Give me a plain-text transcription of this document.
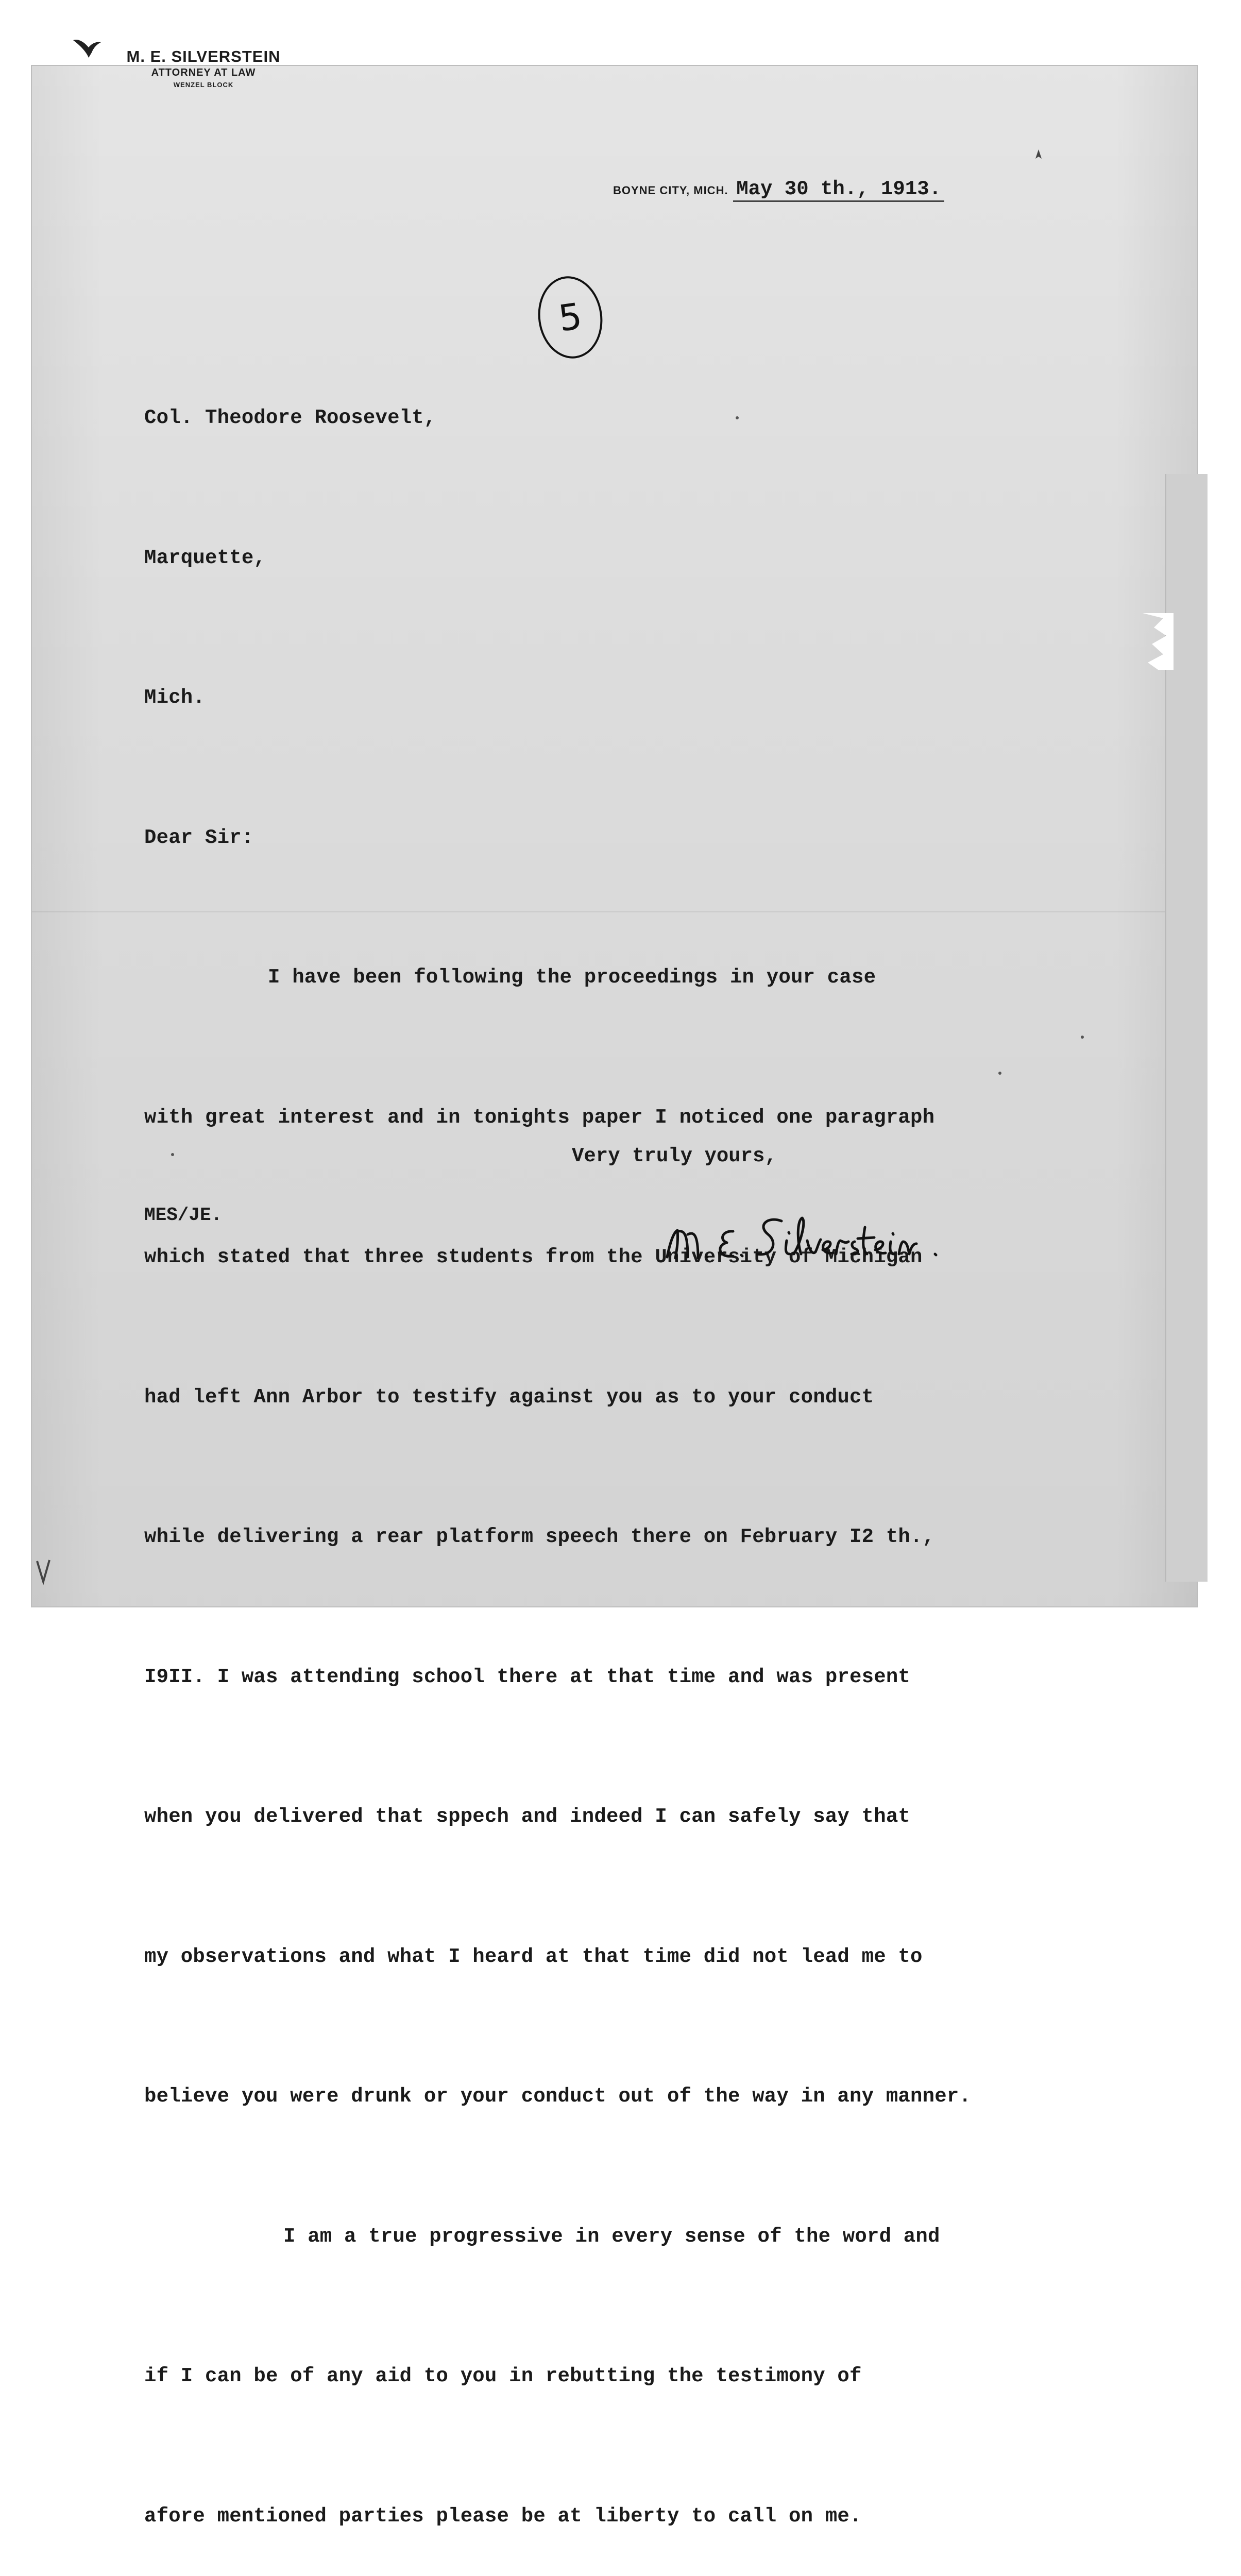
M. E. SILVERSTEIN
ATTORNEY AT LAW
WENZEL BLOCK
BOYNE CITY, MICH. May 30 th., 1913.
5

Col. Theodore Roosevelt,

Marquette,

Mich.

Dear Sir:

I have been following the proceedings in your case

with great interest and in tonights paper I noticed one paragraph

which stated that three students from the University of Michigan

had left Ann Arbor to testify against you as to your conduct

while delivering a rear platform speech there on February I2 th.,

I9II. I was attending school there at that time and was present

when you delivered that sppech and indeed I can safely say that

my observations and what I heard at that time did not lead me to

believe you were drunk or your conduct out of the way in any manner.

I am a true progressive in every sense of the word and

if I can be of any aid to you in rebutting the testimony of

afore mentioned parties please be at liberty to call on me.

Very truly yours,
MES/JE.
